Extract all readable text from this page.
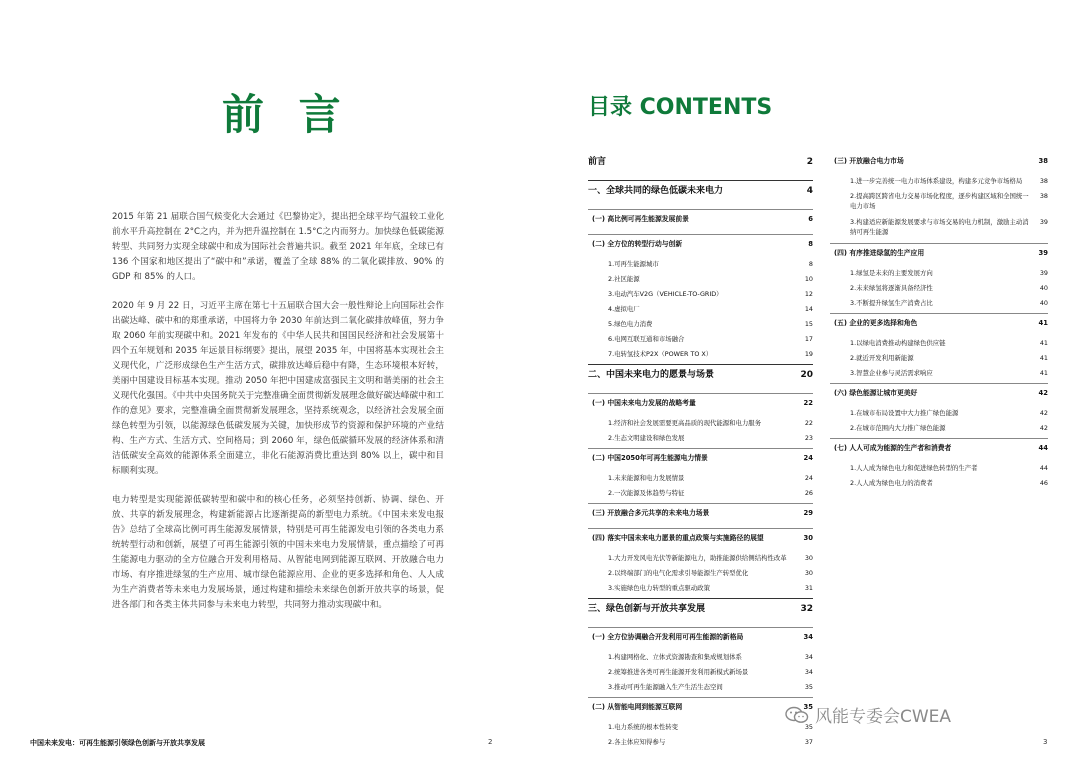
前 言

2015 年第 21 届联合国气候变化大会通过《巴黎协定》，提出把全球平均气温较工业化前水平升高控制在 2°C之内，并为把升温控制在 1.5°C之内而努力。加快绿色低碳能源转型、共同努力实现全球碳中和成为国际社会普遍共识。截至 2021 年年底，全球已有 136 个国家和地区提出了“碳中和”承诺，覆盖了全球 88% 的二氧化碳排放、90% 的 GDP 和 85% 的人口。

2020 年 9 月 22 日，习近平主席在第七十五届联合国大会一般性辩论上向国际社会作出碳达峰、碳中和的郑重承诺，中国将力争 2030 年前达到二氧化碳排放峰值，努力争取 2060 年前实现碳中和。2021 年发布的《中华人民共和国国民经济和社会发展第十四个五年规划和 2035 年远景目标纲要》提出，展望 2035 年，中国将基本实现社会主义现代化，广泛形成绿色生产生活方式，碳排放达峰后稳中有降，生态环境根本好转，美丽中国建设目标基本实现。推动 2050 年把中国建成富强民主文明和谐美丽的社会主义现代化强国。《中共中央国务院关于完整准确全面贯彻新发展理念做好碳达峰碳中和工作的意见》要求，完整准确全面贯彻新发展理念，坚持系统观念，以经济社会发展全面绿色转型为引领，以能源绿色低碳发展为关键，加快形成节约资源和保护环境的产业结构、生产方式、生活方式、空间格局；到 2060 年，绿色低碳循环发展的经济体系和清洁低碳安全高效的能源体系全面建立，非化石能源消费比重达到 80% 以上，碳中和目标顺利实现。

电力转型是实现能源低碳转型和碳中和的核心任务，必须坚持创新、协调、绿色、开放、共享的新发展理念，构建新能源占比逐渐提高的新型电力系统。《中国未来发电报告》总结了全球高比例可再生能源发展情景，特别是可再生能源发电引领的各类电力系统转型行动和创新，展望了可再生能源引领的中国未来电力发展情景，重点描绘了可再生能源电力驱动的全方位融合开发利用格局、从智能电网到能源互联网、开放融合电力市场、有序推进绿氢的生产应用、城市绿色能源应用、企业的更多选择和角色、人人成为生产消费者等未来电力发展场景，通过构建和描绘未来绿色创新开放共享的场景，促进各部门和各类主体共同参与未来电力转型，共同努力推动实现碳中和。

中国未来发电：可再生能源引领绿色创新与开放共享发展	2
目录 CONTENTS
前言	2
一、全球共同的绿色低碳未来电力	4
(一) 高比例可再生能源发展前景	6
(二) 全方位的转型行动与创新	8
1.可再生能源城市	8
2.社区能源	10
3.电动汽车V2G（VEHICLE-TO-GRID）	12
4.虚拟电厂	14
5.绿色电力消费	15
6.电网互联互通和市场融合	17
7.电转氢技术P2X（POWER TO X）	19
二、中国未来电力的愿景与场景	20
(一) 中国未来电力发展的战略考量	22
1.经济和社会发展需要更高品质的现代能源和电力服务	22
2.生态文明建设和绿色发展	23
(二) 中国2050年可再生能源电力情景	24
1.未来能源和电力发展情景	24
2.一次能源及体趋势与特征	26
(三) 开放融合多元共享的未来电力场景	29
(四) 落实中国未来电力愿景的重点政策与实施路径的展望	30
1.大力开发风电光伏等新能源电力，助推能源供给侧结构性改革	30
2.以终端部门的电气化需求引导能源生产转型优化	30
3.实施绿色电力转型的重点驱动政策	31
三、绿色创新与开放共享发展	32
(一) 全方位协调融合开发利用可再生能源的新格局	34
1.构建网格化、立体式资源勘查和集成规划体系	34
2.统筹推进各类可再生能源开发利用新模式新场景	34
3.推动可再生能源融入生产生活生态空间	35
(二) 从智能电网到能源互联网	35
1.电力系统的根本性转变	35
2.各主体应知得参与	37
(三) 开放融合电力市场	38
1.进一步完善统一电力市场体系建设，构建多元竞争市场格局	38
2.提高跨区跨省电力交易市场化程度，逐步构建区域和全国统一电力市场
38
3.构建适应新能源发展要求与市场交易的电力机制，激励主动消纳可再生能源
39
(四) 有序推进绿氢的生产应用	39
1.绿氢是未来的主要发展方向	39
2.未来绿氢将逐渐具备经济性	40
3.不断提升绿氢生产消费占比	40
(五) 企业的更多选择和角色	41
1.以绿电消费推动构建绿色供应链	41
2.就近开发利用新能源	41
3.智慧企业参与灵活需求响应	41
(六) 绿色能源让城市更美好	42
1.在城市布局设置中大力推广绿色能源	42
2.在城市范围内大力推广绿色能源	42
(七) 人人可成为能源的生产者和消费者	44
1.人人成为绿色电力和促进绿色转型的生产者	44
2.人人成为绿色电力的消费者	46
3
风能专委会CWEA
